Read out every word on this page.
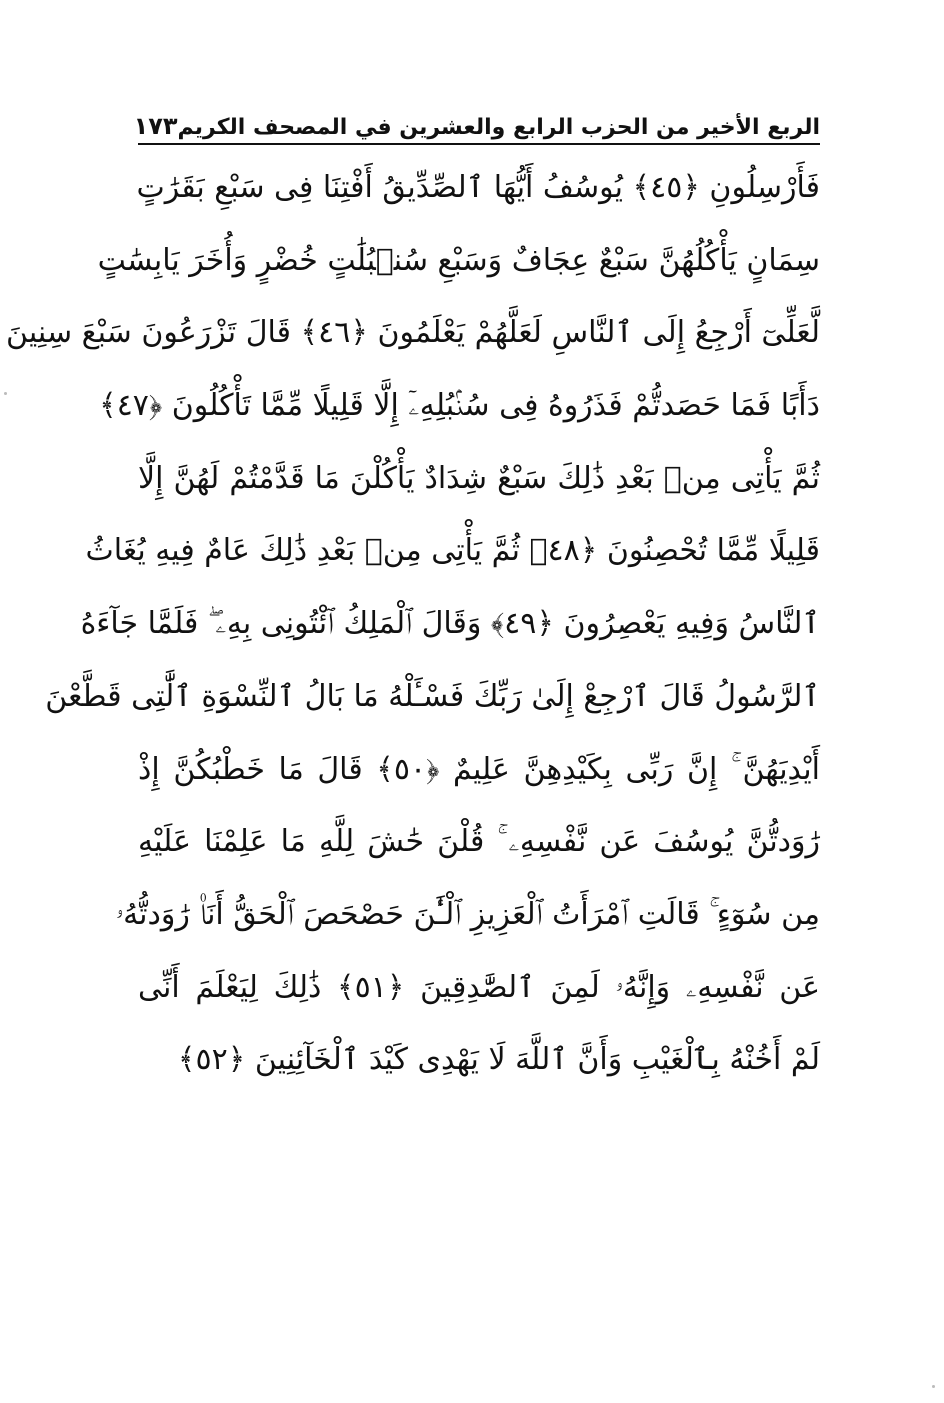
الربع الأخير من الحزب الرابع والعشرين في المصحف الكريم
١٧٣
فَأَرْسِلُونِ ﴿٤٥﴾ يُوسُفُ أَيُّهَا ٱلصِّدِّيقُ أَفْتِنَا فِى سَبْعِ بَقَرَٰتٍ
سِمَانٍ يَأْكُلُهُنَّ سَبْعٌ عِجَافٌ وَسَبْعِ سُنۢبُلَٰتٍ خُضْرٍ وَأُخَرَ يَابِسَٰتٍ
لَّعَلِّىٓ أَرْجِعُ إِلَى ٱلنَّاسِ لَعَلَّهُمْ يَعْلَمُونَ ﴿٤٦﴾ قَالَ تَزْرَعُونَ سَبْعَ سِنِينَ
دَأَبًا فَمَا حَصَدتُّمْ فَذَرُوهُ فِى سُنۢبُلِهِۦٓ إِلَّا قَلِيلًا مِّمَّا تَأْكُلُونَ ﴿٤٧﴾
ثُمَّ يَأْتِى مِنۢ بَعْدِ ذَٰلِكَ سَبْعٌ شِدَادٌ يَأْكُلْنَ مَا قَدَّمْتُمْ لَهُنَّ إِلَّا
قَلِيلًا مِّمَّا تُحْصِنُونَ ﴿٤٨﴾ ثُمَّ يَأْتِى مِنۢ بَعْدِ ذَٰلِكَ عَامٌ فِيهِ يُغَاثُ
ٱلنَّاسُ وَفِيهِ يَعْصِرُونَ ﴿٤٩﴾ وَقَالَ ٱلْمَلِكُ ٱئْتُونِى بِهِۦ ۖ فَلَمَّا جَآءَهُ
ٱلرَّسُولُ قَالَ ٱرْجِعْ إِلَىٰ رَبِّكَ فَسْـَٔلْهُ مَا بَالُ ٱلنِّسْوَةِ ٱلَّٰتِى قَطَّعْنَ
أَيْدِيَهُنَّ ۚ إِنَّ رَبِّى بِكَيْدِهِنَّ عَلِيمٌ ﴿٥٠﴾ قَالَ مَا خَطْبُكُنَّ إِذْ
رَٰوَدتُّنَّ يُوسُفَ عَن نَّفْسِهِۦ ۚ قُلْنَ حَٰشَ لِلَّهِ مَا عَلِمْنَا عَلَيْهِ
مِن سُوٓءٍ ۚ قَالَتِ ٱمْرَأَتُ ٱلْعَزِيزِ ٱلْـَٰٔنَ حَصْحَصَ ٱلْحَقُّ أَنَا۠ رَٰوَدتُّهُۥ
عَن نَّفْسِهِۦ وَإِنَّهُۥ لَمِنَ ٱلصَّٰدِقِينَ ﴿٥١﴾ ذَٰلِكَ لِيَعْلَمَ أَنِّى
لَمْ أَخُنْهُ بِٱلْغَيْبِ وَأَنَّ ٱللَّهَ لَا يَهْدِى كَيْدَ ٱلْخَآئِنِينَ ﴿٥٢﴾
